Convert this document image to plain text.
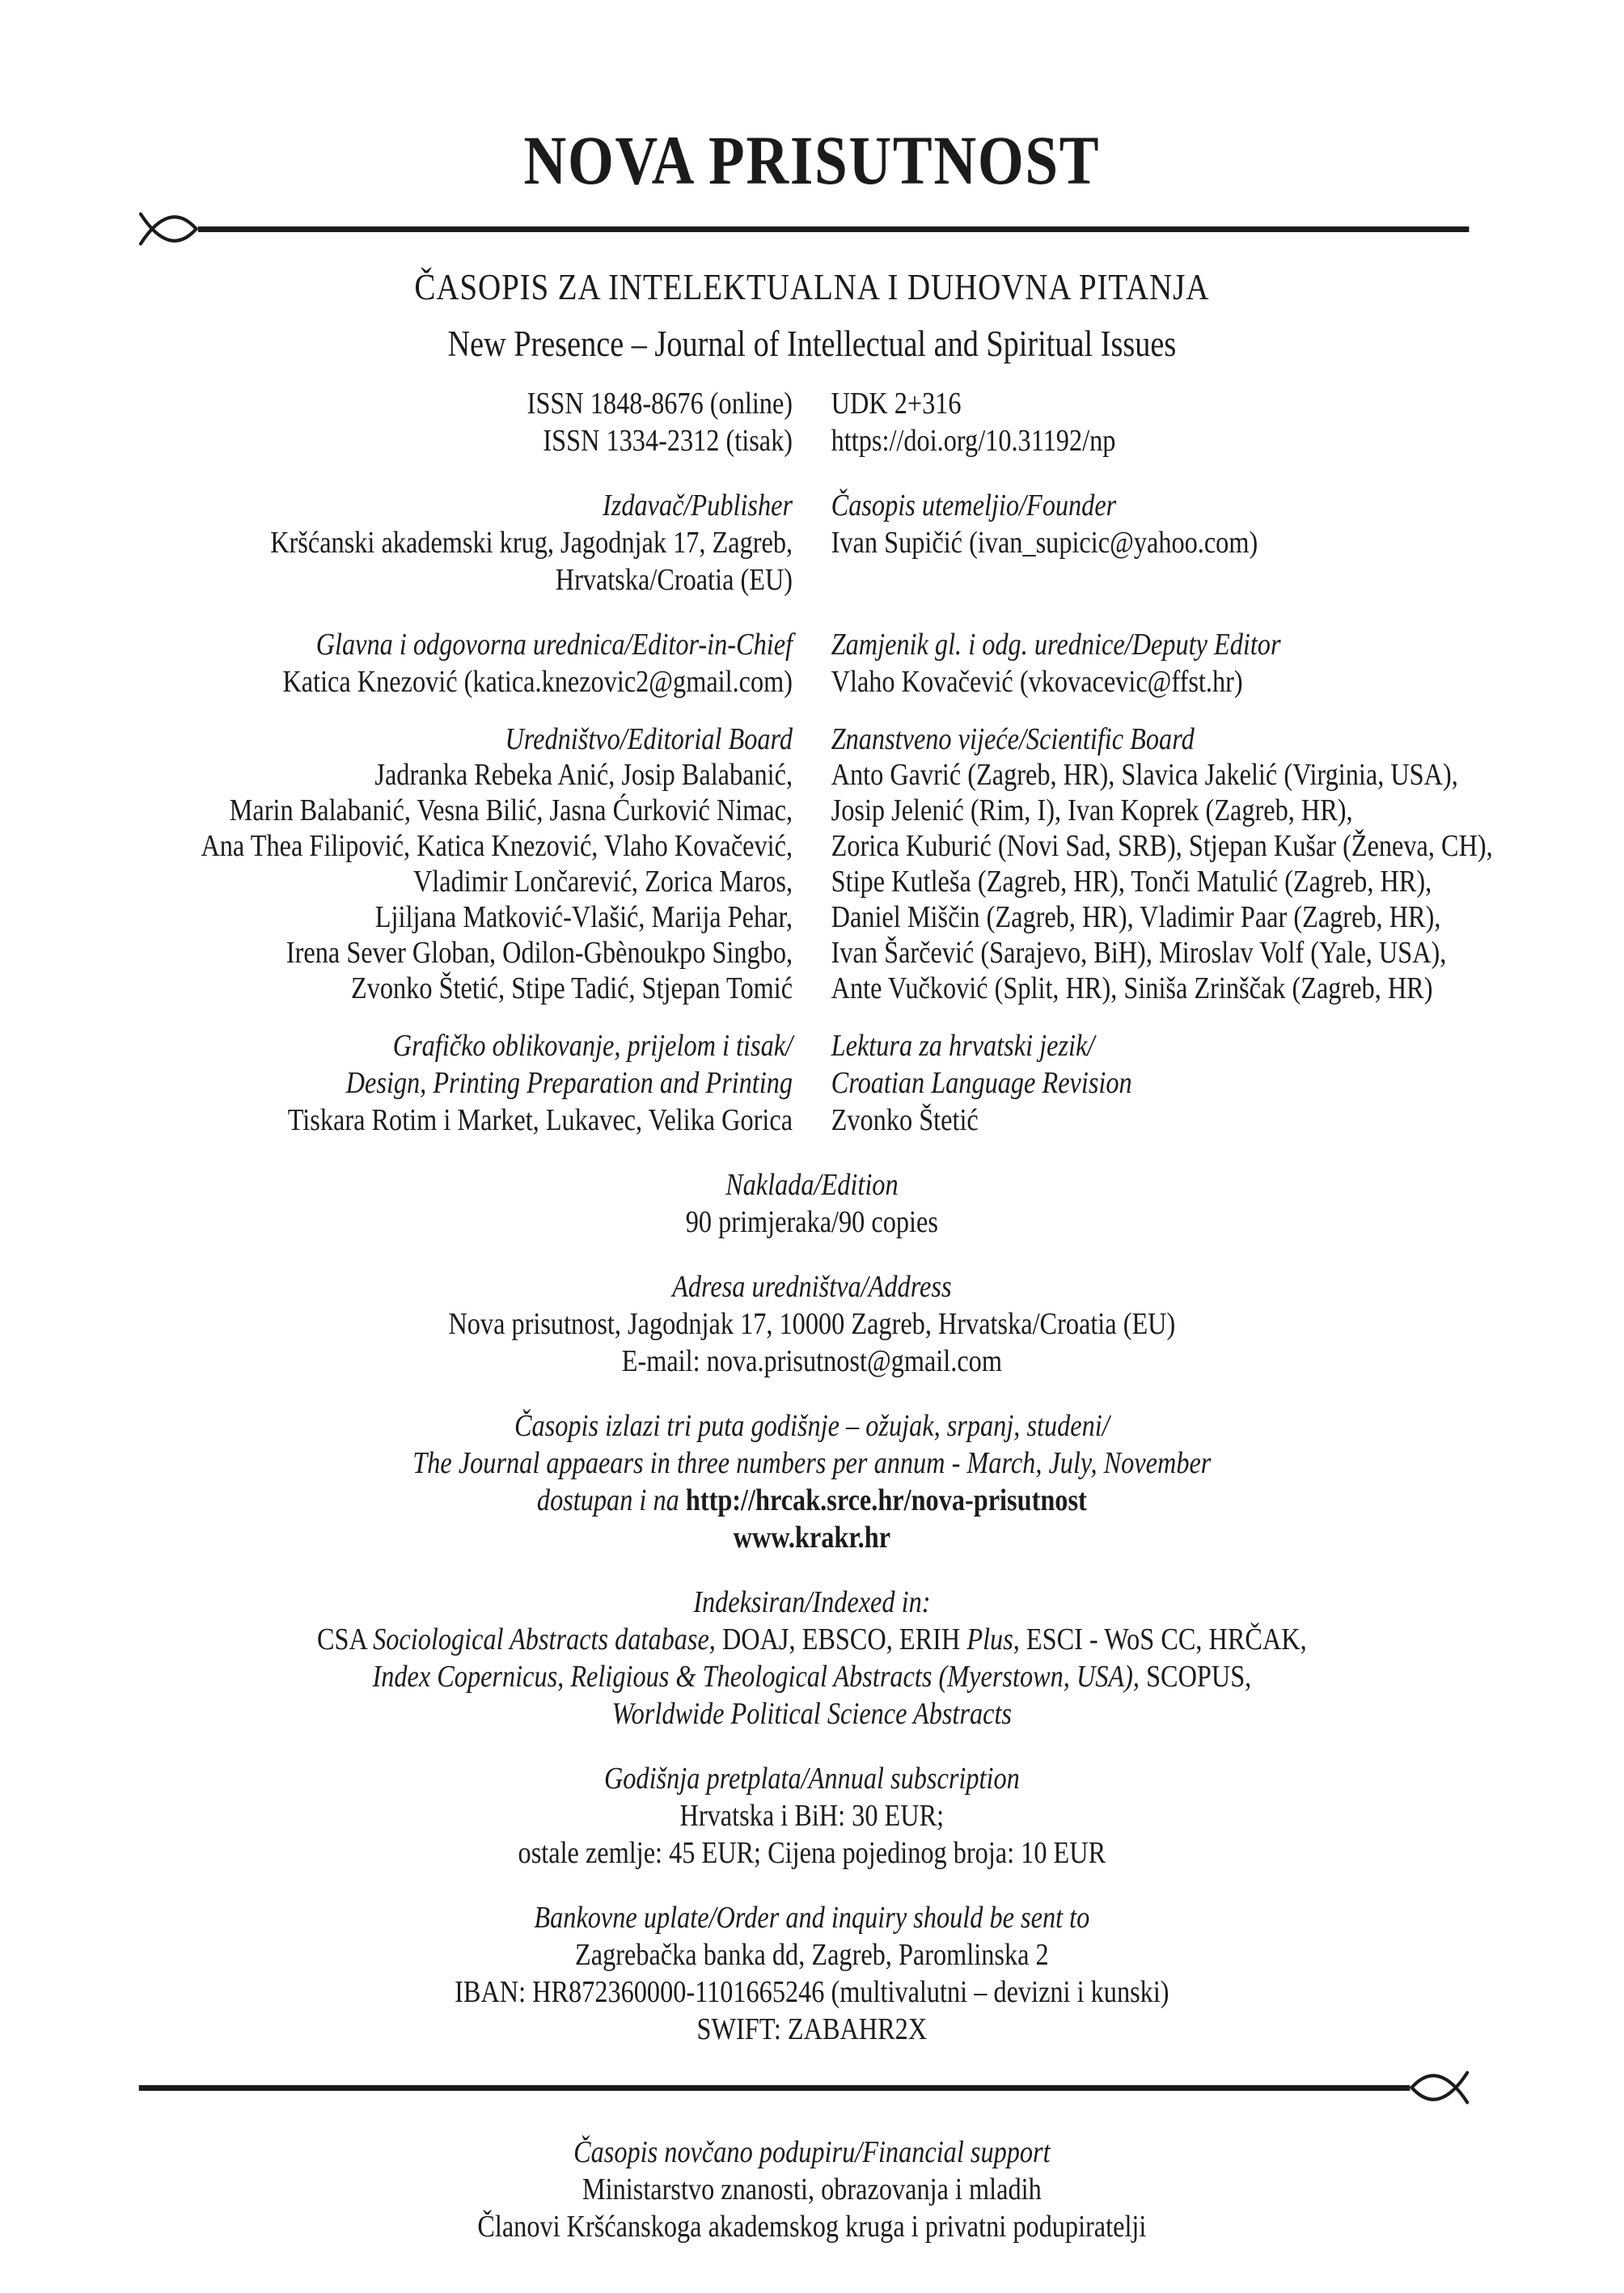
NOVA PRISUTNOST
ČASOPIS ZA INTELEKTUALNA I DUHOVNA PITANJA
New Presence – Journal of Intellectual and Spiritual Issues
ISSN 1848-8676 (online)
ISSN 1334-2312 (tisak)
UDK 2+316
https://doi.org/10.31192/np
Izdavač/Publisher
Kršćanski akademski krug, Jagodnjak 17, Zagreb,
Hrvatska/Croatia (EU)
Časopis utemeljio/Founder
Ivan Supičić (ivan_supicic@yahoo.com)
Glavna i odgovorna urednica/Editor-in-Chief
Katica Knezović (katica.knezovic2@gmail.com)
Zamjenik gl. i odg. urednice/Deputy Editor
Vlaho Kovačević (vkovacevic@ffst.hr)
Uredništvo/Editorial Board
Jadranka Rebeka Anić, Josip Balabanić,
Marin Balabanić, Vesna Bilić, Jasna Ćurković Nimac,
Ana Thea Filipović, Katica Knezović, Vlaho Kovačević,
Vladimir Lončarević, Zorica Maros,
Ljiljana Matković-Vlašić, Marija Pehar,
Irena Sever Globan, Odilon-Gbènoukpo Singbo,
Zvonko Štetić, Stipe Tadić, Stjepan Tomić
Znanstveno vijeće/Scientific Board
Anto Gavrić (Zagreb, HR), Slavica Jakelić (Virginia, USA),
Josip Jelenić (Rim, I), Ivan Koprek (Zagreb, HR),
Zorica Kuburić (Novi Sad, SRB), Stjepan Kušar (Ženeva, CH),
Stipe Kutleša (Zagreb, HR), Tonči Matulić (Zagreb, HR),
Daniel Miščin (Zagreb, HR), Vladimir Paar (Zagreb, HR),
Ivan Šarčević (Sarajevo, BiH), Miroslav Volf (Yale, USA),
Ante Vučković (Split, HR), Siniša Zrinščak (Zagreb, HR)
Grafičko oblikovanje, prijelom i tisak/
Design, Printing Preparation and Printing
Tiskara Rotim i Market, Lukavec, Velika Gorica
Lektura za hrvatski jezik/
Croatian Language Revision
Zvonko Štetić
Naklada/Edition
90 primjeraka/90 copies
Adresa uredništva/Address
Nova prisutnost, Jagodnjak 17, 10000 Zagreb, Hrvatska/Croatia (EU)
E-mail: nova.prisutnost@gmail.com
Časopis izlazi tri puta godišnje – ožujak, srpanj, studeni/
The Journal appaears in three numbers per annum - March, July, November
dostupan i na http://hrcak.srce.hr/nova-prisutnost
www.krakr.hr
Indeksiran/Indexed in:
CSA Sociological Abstracts database, DOAJ, EBSCO, ERIH Plus, ESCI - WoS CC, HRČAK,
Index Copernicus, Religious & Theological Abstracts (Myerstown, USA), SCOPUS,
Worldwide Political Science Abstracts
Godišnja pretplata/Annual subscription
Hrvatska i BiH: 30 EUR;
ostale zemlje: 45 EUR; Cijena pojedinog broja: 10 EUR
Bankovne uplate/Order and inquiry should be sent to
Zagrebačka banka dd, Zagreb, Paromlinska 2
IBAN: HR872360000-1101665246 (multivalutni – devizni i kunski)
SWIFT: ZABAHR2X
Časopis novčano podupiru/Financial support
Ministarstvo znanosti, obrazovanja i mladih
Članovi Kršćanskoga akademskog kruga i privatni podupiratelji
